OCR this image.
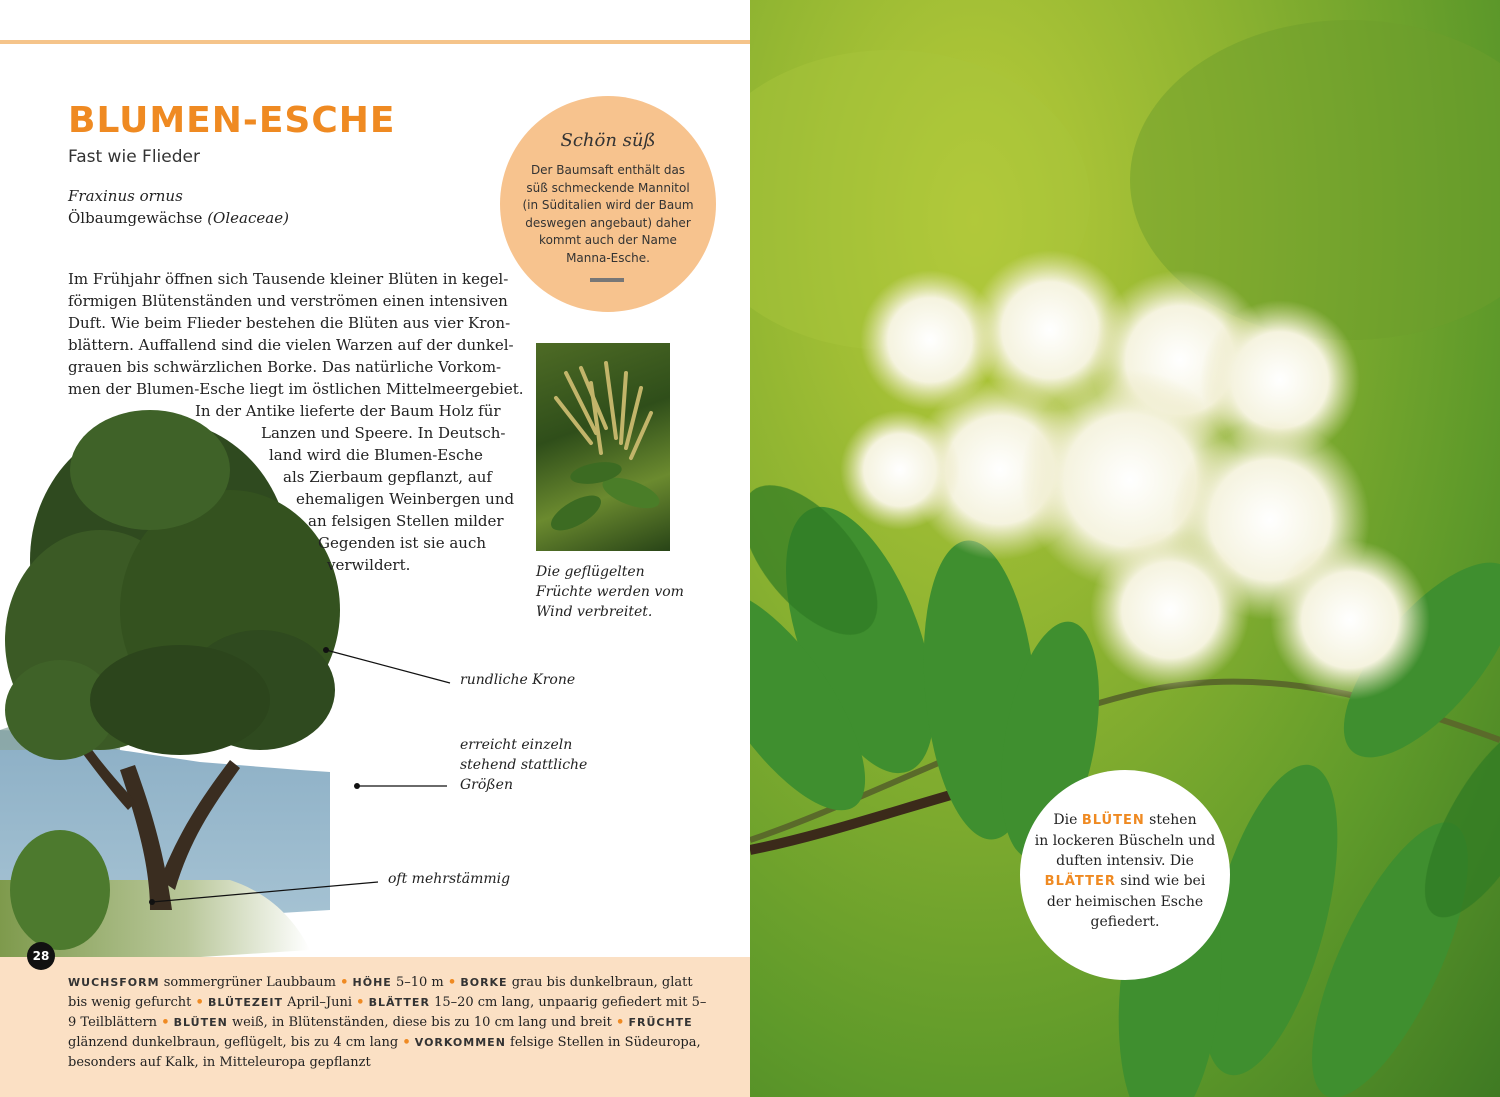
BLUMEN-ESCHE
Fast wie Flieder
Fraxinus ornus
Ölbaumgewächse (Oleaceae)
Schön süß
Der Baumsaft enthält das
süß schmeckende Mannitol
(in Süditalien wird der Baum
deswegen angebaut) daher
kommt auch der Name
Manna-Esche.
Im Frühjahr öffnen sich Tausende kleiner Blüten in kegel-
förmigen Blütenständen und verströmen einen intensiven
Duft. Wie beim Flieder bestehen die Blüten aus vier Kron-
blättern. Auffallend sind die vielen Warzen auf der dunkel-
grauen bis schwärzlichen Borke. Das natürliche Vorkom-
men der Blumen-Esche liegt im östlichen Mittelmeergebiet.
In der Antike lieferte der Baum Holz für
Lanzen und Speere. In Deutsch-
land wird die Blumen-Esche
als Zierbaum gepflanzt, auf
ehemaligen Weinbergen und
an felsigen Stellen milder
Gegenden ist sie auch
verwildert.	Die geflügelten
Früchte werden vom
Wind verbreitet.
rundliche Krone
erreicht einzeln
stehend stattliche
Größen
oft mehrstämmig
WUCHSFORM sommergrüner Laubbaum • HÖHE 5–10 m • BORKE grau bis dunkelbraun, glatt bis wenig gefurcht • BLÜTEZEIT April–Juni • BLÄTTER 15–20 cm lang, unpaarig gefiedert mit 5–9 Teilblättern • BLÜTEN weiß, in Blütenständen, diese bis zu 10 cm lang und breit • FRÜCHTE glänzend dunkelbraun, geflügelt, bis zu 4 cm lang • VORKOMMEN felsige Stellen in Südeuropa, besonders auf Kalk, in Mitteleuropa gepflanzt
28
Die BLÜTEN stehen
in lockeren Büscheln und
duften intensiv. Die
BLÄTTER sind wie bei
der heimischen Esche
gefiedert.
